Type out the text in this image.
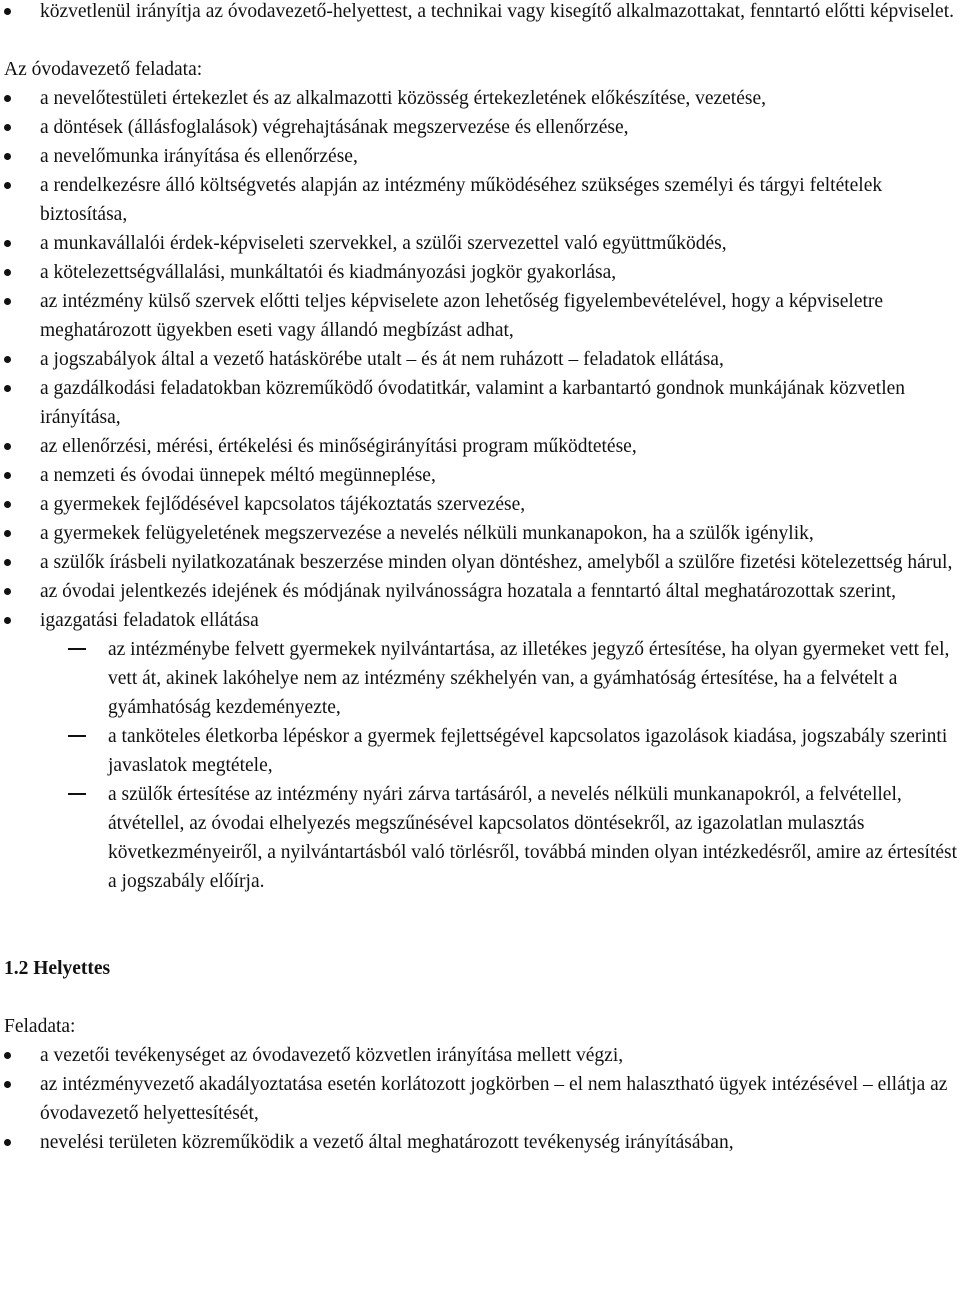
közvetlenül irányítja az óvodavezető-helyettest, a technikai vagy kisegítő alkalmazottakat, fenntartó előtti képviselet.

Az óvodavezető feladata:

a nevelőtestületi értekezlet és az alkalmazotti közösség értekezletének előkészítése, vezetése,
a döntések (állásfoglalások) végrehajtásának megszervezése és ellenőrzése,
a nevelőmunka irányítása és ellenőrzése,
a rendelkezésre álló költségvetés alapján az intézmény működéséhez szükséges személyi és tárgyi feltételek biztosítása,
a munkavállalói érdek-képviseleti szervekkel, a szülői szervezettel való együttműködés,
a kötelezettségvállalási, munkáltatói és kiadmányozási jogkör gyakorlása,
az intézmény külső szervek előtti teljes képviselete azon lehetőség figyelembevételével, hogy a képviseletre meghatározott ügyekben eseti vagy állandó megbízást adhat,
a jogszabályok által a vezető hatáskörébe utalt – és át nem ruházott – feladatok ellátása,
a gazdálkodási feladatokban közreműködő óvodatitkár, valamint a karbantartó gondnok munkájának közvetlen irányítása,
az ellenőrzési, mérési, értékelési és minőségirányítási program működtetése,
a nemzeti és óvodai ünnepek méltó megünneplése,
a gyermekek fejlődésével kapcsolatos tájékoztatás szervezése,
a gyermekek felügyeletének megszervezése a nevelés nélküli munkanapokon, ha a szülők igénylik,
a szülők írásbeli nyilatkozatának beszerzése minden olyan döntéshez, amelyből a szülőre fizetési kötelezettség hárul,
az óvodai jelentkezés idejének és módjának nyilvánosságra hozatala a fenntartó által meghatározottak szerint,
igazgatási feladatok ellátása
az intézménybe felvett gyermekek nyilvántartása, az illetékes jegyző értesítése, ha olyan gyermeket vett fel, vett át, akinek lakóhelye nem az intézmény székhelyén van, a gyámhatóság értesítése, ha a felvételt a gyámhatóság kezdeményezte,
a tanköteles életkorba lépéskor a gyermek fejlettségével kapcsolatos igazolások kiadása, jogszabály szerinti javaslatok megtétele,
a szülők értesítése az intézmény nyári zárva tartásáról, a nevelés nélküli munkanapokról, a felvétellel, átvétellel, az óvodai elhelyezés megszűnésével kapcsolatos döntésekről, az igazolatlan mulasztás következményeiről, a nyilvántartásból való törlésről, továbbá minden olyan intézkedésről, amire az értesítést a jogszabály előírja.

1.2 Helyettes

Feladata:

a vezetői tevékenységet az óvodavezető közvetlen irányítása mellett végzi,
az intézményvezető akadályoztatása esetén korlátozott jogkörben – el nem halasztható ügyek intézésével – ellátja az óvodavezető helyettesítését,
nevelési területen közreműködik a vezető által meghatározott tevékenység irányításában,
